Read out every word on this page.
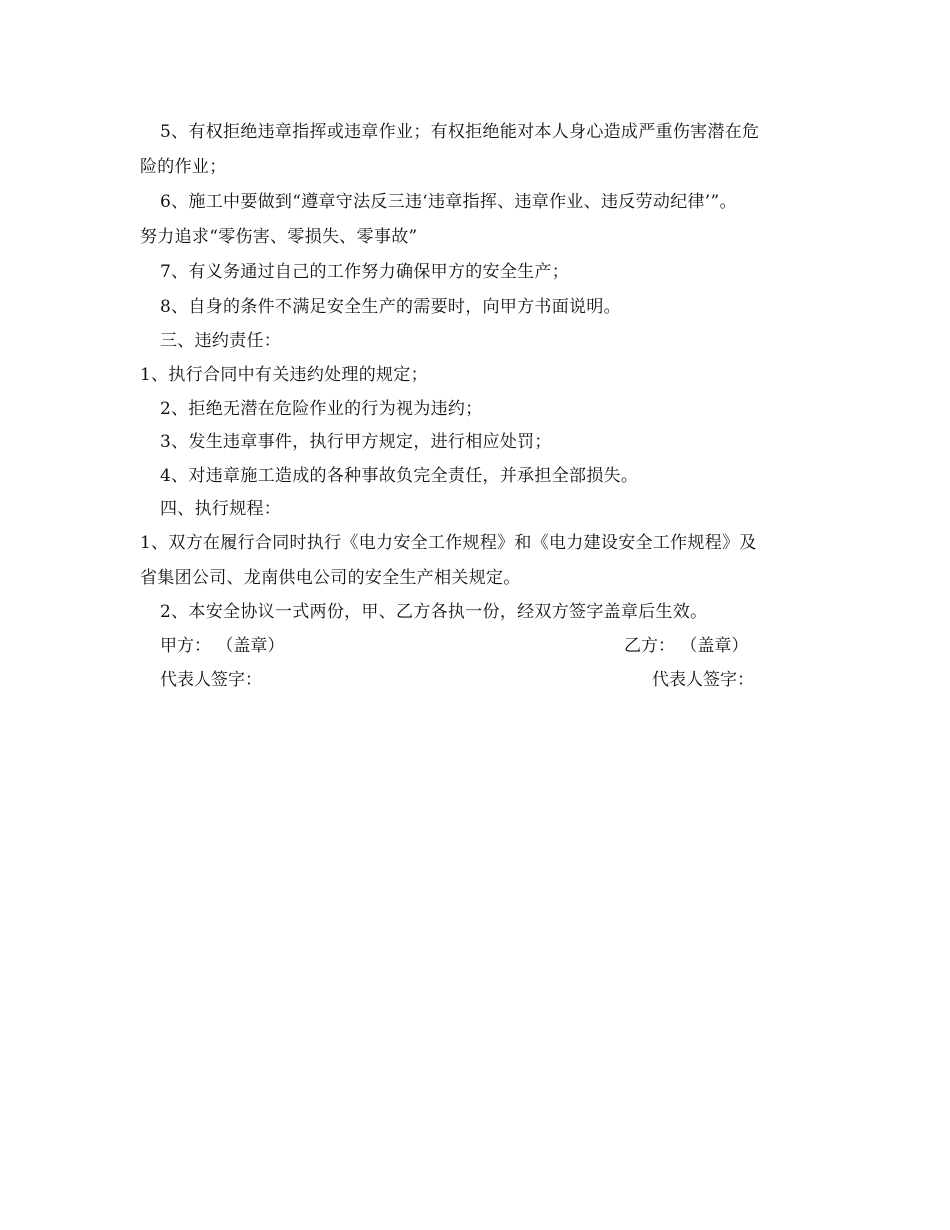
5、有权拒绝违章指挥或违章作业；有权拒绝能对本人身心造成严重伤害潜在危
险的作业；
6、施工中要做到“遵章守法反三违‘违章指挥、违章作业、违反劳动纪律’”。
努力追求“零伤害、零损失、零事故”
7、有义务通过自己的工作努力确保甲方的安全生产；
8、自身的条件不满足安全生产的需要时，向甲方书面说明。
三、违约责任：
1、执行合同中有关违约处理的规定；
2、拒绝无潜在危险作业的行为视为违约；
3、发生违章事件，执行甲方规定，进行相应处罚；
4、对违章施工造成的各种事故负完全责任，并承担全部损失。
四、执行规程：
1、双方在履行合同时执行《电力安全工作规程》和《电力建设安全工作规程》及
省集团公司、龙南供电公司的安全生产相关规定。
2、本安全协议一式两份，甲、乙方各执一份，经双方签字盖章后生效。
甲方： （盖章）	乙方： （盖章）
代表人签字：	代表人签字：
